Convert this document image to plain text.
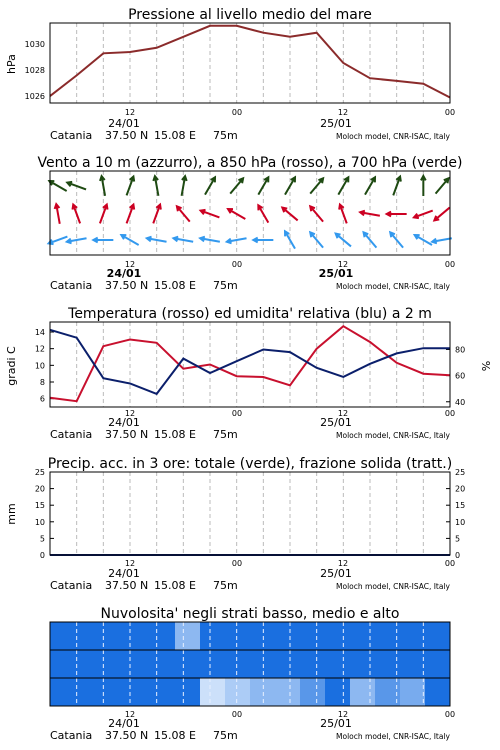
Pressione al livello medio del mare
hPa
1030
1028
1026
12	00	12	00
24/01	25/01
Catania 37.50 N 15.08 E 75m	Moloch model, CNR-ISAC, Italy
Vento a 10 m (azzurro), a 850 hPa (rosso), a 700 hPa (verde)
12	00	12	00
24/01	25/01
Catania 37.50 N 15.08 E 75m	Moloch model, CNR-ISAC, Italy
Temperatura (rosso) ed umidita' relativa (blu) a 2 m
gradi C	%
6
8
10
12
14
40
60
80
12	00	12	00
24/01	25/01
Catania 37.50 N 15.08 E 75m	Moloch model, CNR-ISAC, Italy
Precip. acc. in 3 ore: totale (verde), frazione solida (tratt.)
mm
0	0
5	5
10	10
15	15
20	20
25	25
12	00	12	00
24/01	25/01
Catania 37.50 N 15.08 E 75m	Moloch model, CNR-ISAC, Italy
Nuvolosita' negli strati basso, medio e alto
12	00	12	00
24/01	25/01
Catania 37.50 N 15.08 E 75m	Moloch model, CNR-ISAC, Italy
